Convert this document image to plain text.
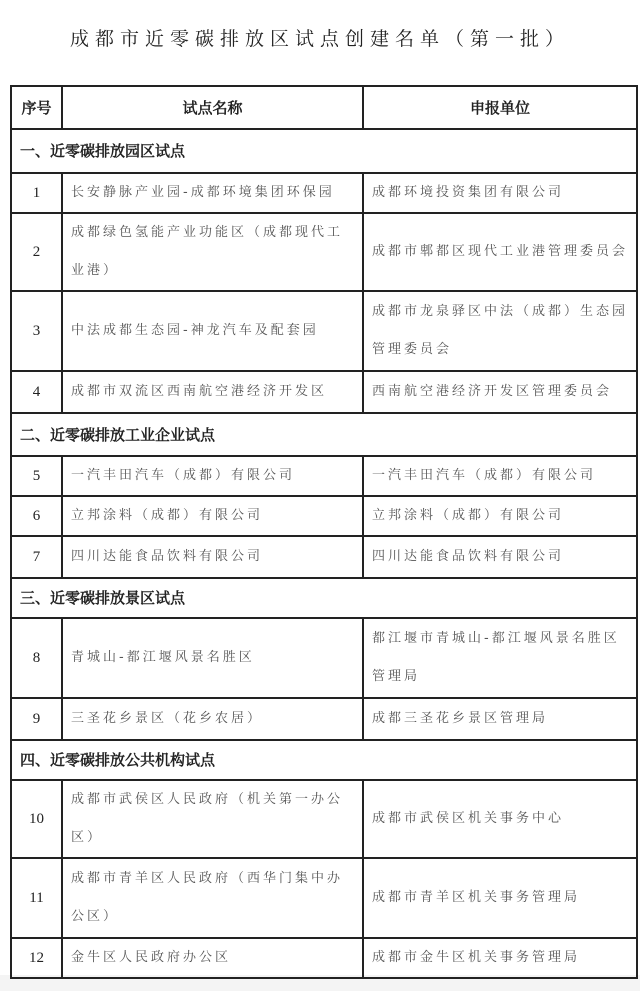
成都市近零碳排放区试点创建名单（第一批）
序号	试点名称	申报单位
一、近零碳排放园区试点		
1	长安静脉产业园-成都环境集团环保园	成都环境投资集团有限公司
2	成都绿色氢能产业功能区（成都现代工业港）	成都市郫都区现代工业港管理委员会
3	中法成都生态园-神龙汽车及配套园	成都市龙泉驿区中法（成都）生态园管理委员会
4	成都市双流区西南航空港经济开发区	西南航空港经济开发区管理委员会
二、近零碳排放工业企业试点		
5	一汽丰田汽车（成都）有限公司	一汽丰田汽车（成都）有限公司
6	立邦涂料（成都）有限公司	立邦涂料（成都）有限公司
7	四川达能食品饮料有限公司	四川达能食品饮料有限公司
三、近零碳排放景区试点		
8	青城山-都江堰风景名胜区	都江堰市青城山-都江堰风景名胜区管理局
9	三圣花乡景区（花乡农居）	成都三圣花乡景区管理局
四、近零碳排放公共机构试点		
10	成都市武侯区人民政府（机关第一办公区）	成都市武侯区机关事务中心
11	成都市青羊区人民政府（西华门集中办公区）	成都市青羊区机关事务管理局
12	金牛区人民政府办公区	成都市金牛区机关事务管理局
